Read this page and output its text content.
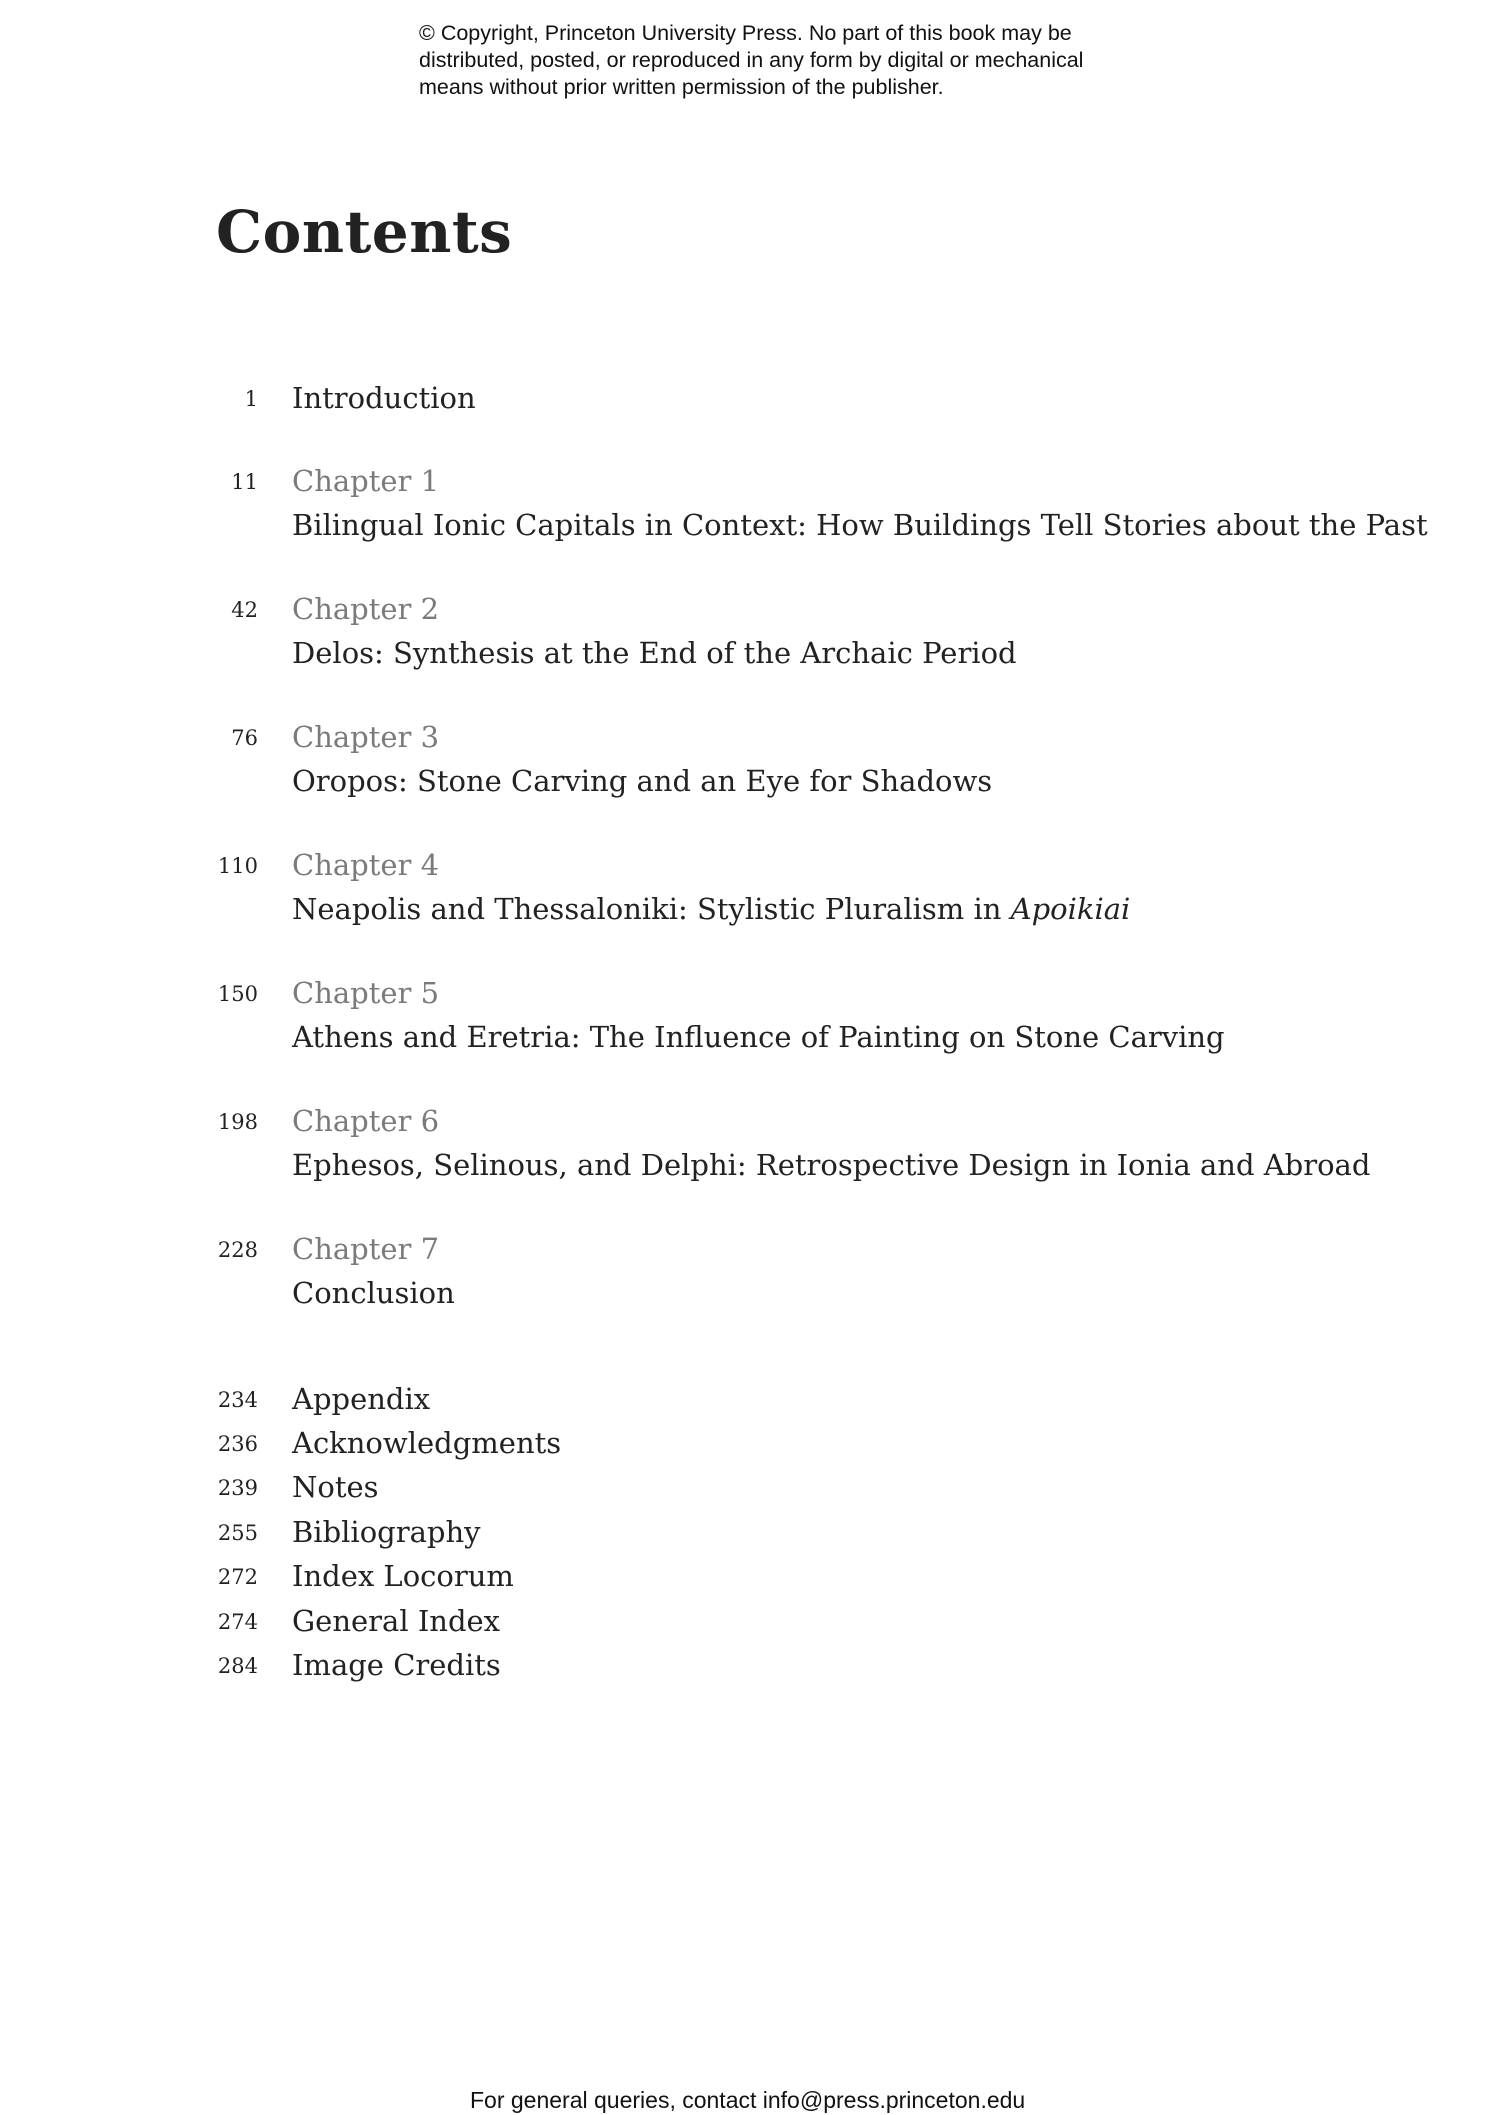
© Copyright, Princeton University Press. No part of this book may be
distributed, posted, or reproduced in any form by digital or mechanical
means without prior written permission of the publisher.
Contents
1 Introduction
11 Chapter 1
Bilingual Ionic Capitals in Context: How Buildings Tell Stories about the Past
42 Chapter 2
Delos: Synthesis at the End of the Archaic Period
76 Chapter 3
Oropos: Stone Carving and an Eye for Shadows
110 Chapter 4
Neapolis and Thessaloniki: Stylistic Pluralism in Apoikiai
150 Chapter 5
Athens and Eretria: The Influence of Painting on Stone Carving
198 Chapter 6
Ephesos, Selinous, and Delphi: Retrospective Design in Ionia and Abroad
228 Chapter 7
Conclusion
234 Appendix
236 Acknowledgments
239 Notes
255 Bibliography
272 Index Locorum
274 General Index
284 Image Credits
For general queries, contact info@press.princeton.edu
